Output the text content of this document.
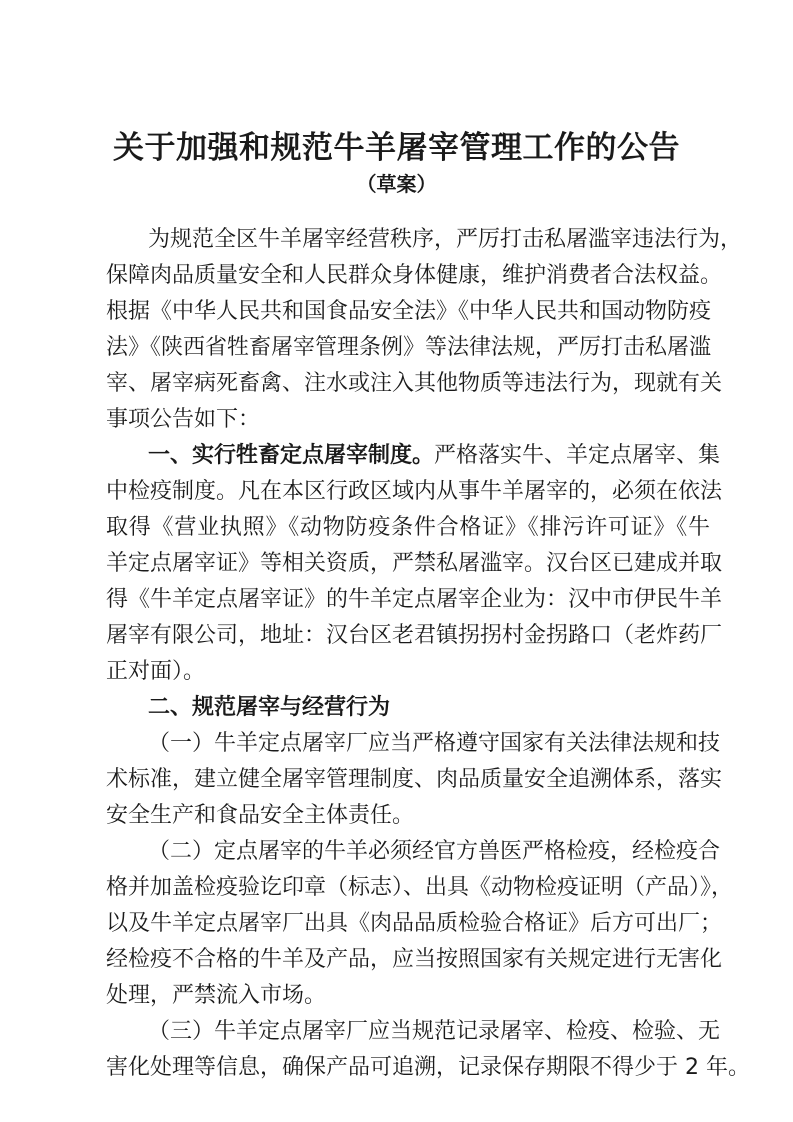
关于加强和规范牛羊屠宰管理工作的公告
（草案）
为规范全区牛羊屠宰经营秩序，严厉打击私屠滥宰违法行为，
保障肉品质量安全和人民群众身体健康，维护消费者合法权益。
根据《中华人民共和国食品安全法》《中华人民共和国动物防疫
法》《陕西省牲畜屠宰管理条例》等法律法规，严厉打击私屠滥
宰、屠宰病死畜禽、注水或注入其他物质等违法行为，现就有关
事项公告如下：
一、实行牲畜定点屠宰制度。严格落实牛、羊定点屠宰、集
中检疫制度。凡在本区行政区域内从事牛羊屠宰的，必须在依法
取得《营业执照》《动物防疫条件合格证》《排污许可证》《牛
羊定点屠宰证》等相关资质，严禁私屠滥宰。汉台区已建成并取
得《牛羊定点屠宰证》的牛羊定点屠宰企业为：汉中市伊民牛羊
屠宰有限公司，地址：汉台区老君镇拐拐村金拐路口（老炸药厂
正对面）。
二、规范屠宰与经营行为
（一）牛羊定点屠宰厂应当严格遵守国家有关法律法规和技
术标准，建立健全屠宰管理制度、肉品质量安全追溯体系，落实
安全生产和食品安全主体责任。
（二）定点屠宰的牛羊必须经官方兽医严格检疫，经检疫合
格并加盖检疫验讫印章（标志）、出具《动物检疫证明（产品）》，
以及牛羊定点屠宰厂出具《肉品品质检验合格证》后方可出厂；
经检疫不合格的牛羊及产品，应当按照国家有关规定进行无害化
处理，严禁流入市场。
（三）牛羊定点屠宰厂应当规范记录屠宰、检疫、检验、无
害化处理等信息，确保产品可追溯，记录保存期限不得少于 2 年。
